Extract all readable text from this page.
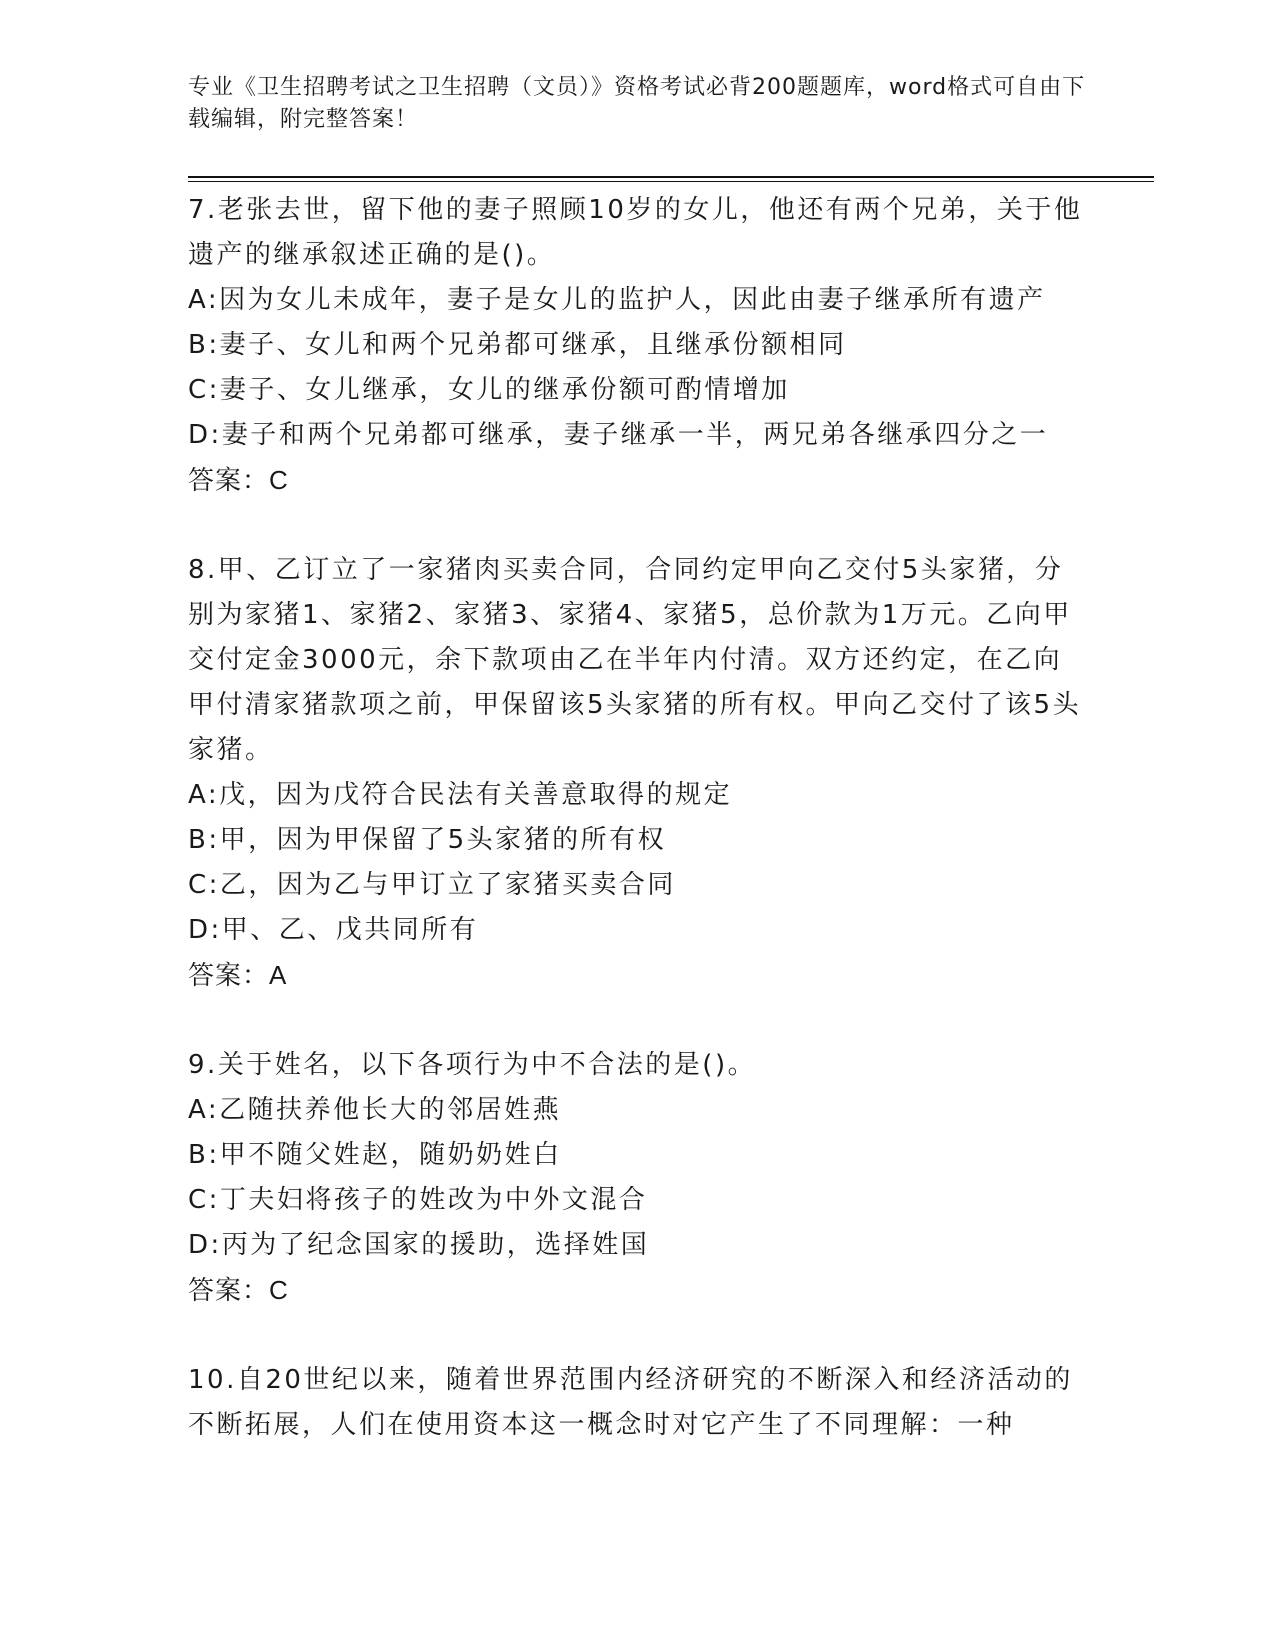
专业《卫生招聘考试之卫生招聘（文员）》资格考试必背200题题库，word格式可自由下载编辑，附完整答案！

7.老张去世，留下他的妻子照顾10岁的女儿，他还有两个兄弟，关于他遗产的继承叙述正确的是()。

A:因为女儿未成年，妻子是女儿的监护人，因此由妻子继承所有遗产

B:妻子、女儿和两个兄弟都可继承，且继承份额相同

C:妻子、女儿继承，女儿的继承份额可酌情增加

D:妻子和两个兄弟都可继承，妻子继承一半，两兄弟各继承四分之一

答案：C

8.甲、乙订立了一家猪肉买卖合同，合同约定甲向乙交付5头家猪，分别为家猪1、家猪2、家猪3、家猪4、家猪5，总价款为1万元。乙向甲交付定金3000元，余下款项由乙在半年内付清。双方还约定，在乙向甲付清家猪款项之前，甲保留该5头家猪的所有权。甲向乙交付了该5头家猪。

A:戊，因为戊符合民法有关善意取得的规定

B:甲，因为甲保留了5头家猪的所有权

C:乙，因为乙与甲订立了家猪买卖合同

D:甲、乙、戊共同所有

答案：A

9.关于姓名，以下各项行为中不合法的是()。

A:乙随扶养他长大的邻居姓燕

B:甲不随父姓赵，随奶奶姓白

C:丁夫妇将孩子的姓改为中外文混合

D:丙为了纪念国家的援助，选择姓国

答案：C

10.自20世纪以来，随着世界范围内经济研究的不断深入和经济活动的不断拓展，人们在使用资本这一概念时对它产生了不同理解：一种
